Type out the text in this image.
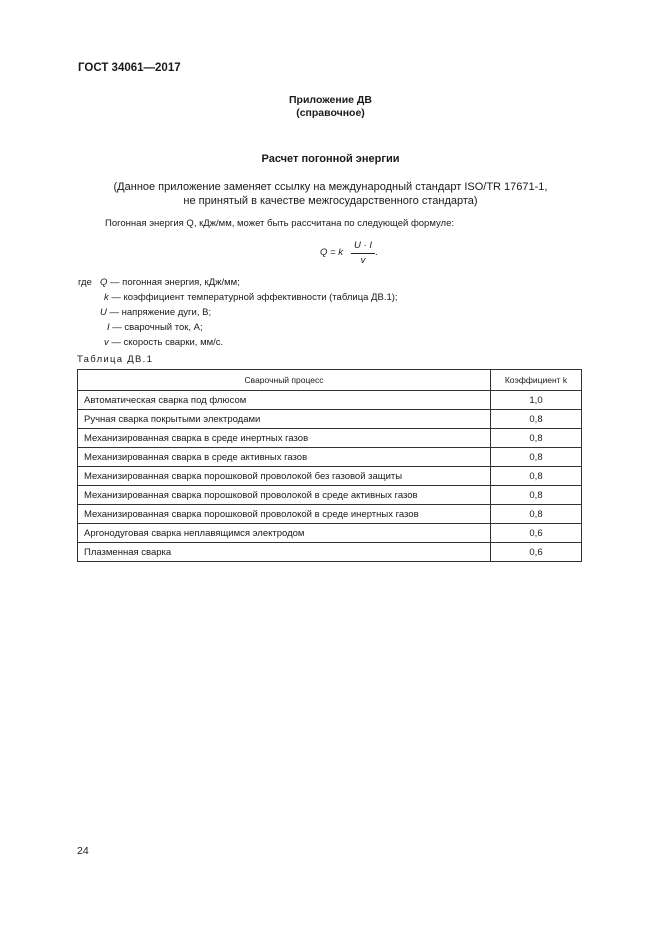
ГОСТ 34061—2017
Приложение ДВ
(справочное)
Расчет погонной энергии
(Данное приложение заменяет ссылку на международный стандарт ISO/TR 17671-1,
не принятый в качестве межгосударственного стандарта)
Погонная энергия Q, кДж/мм, может быть рассчитана по следующей формуле:
Q = k
U · I
v
.
где Q — погонная энергия, кДж/мм;
k — коэффициент температурной эффективности (таблица ДВ.1);
U — напряжение дуги, В;
I — сварочный ток, А;
v — скорость сварки, мм/с.
Таблица ДВ.1
Сварочный процесс	Коэффициент k
Автоматическая сварка под флюсом	1,0
Ручная сварка покрытыми электродами	0,8
Механизированная сварка в среде инертных газов	0,8
Механизированная сварка в среде активных газов	0,8
Механизированная сварка порошковой проволокой без газовой защиты	0,8
Механизированная сварка порошковой проволокой в среде активных газов	0,8
Механизированная сварка порошковой проволокой в среде инертных газов	0,8
Аргонодуговая сварка неплавящимся электродом	0,6
Плазменная сварка	0,6
24
